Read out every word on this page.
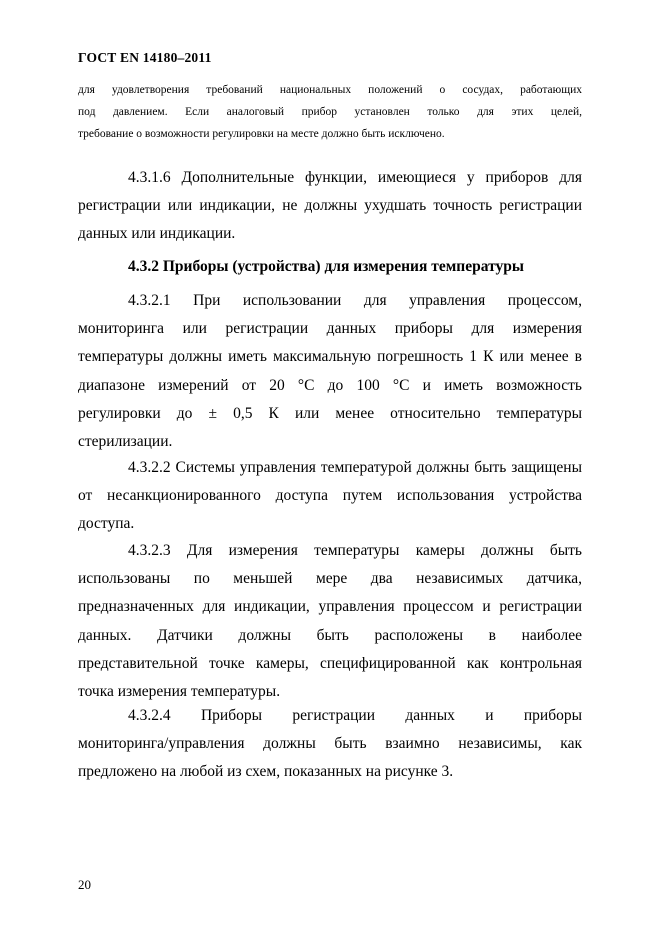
ГОСТ EN 14180–2011
для удовлетворения требований национальных положений о сосудах, работающих
под давлением. Если аналоговый прибор установлен только для этих целей,
требование о возможности регулировки на месте должно быть исключено.
4.3.1.6 Дополнительные функции, имеющиеся у приборов для
регистрации или индикации, не должны ухудшать точность регистрации
данных или индикации.
4.3.2 Приборы (устройства) для измерения температуры
4.3.2.1 При использовании для управления процессом,
мониторинга или регистрации данных приборы для измерения
температуры должны иметь максимальную погрешность 1 К или менее в
диапазоне измерений от 20 °С до 100 °С и иметь возможность
регулировки до ± 0,5 К или менее относительно температуры
стерилизации.
4.3.2.2 Системы управления температурой должны быть защищены
от несанкционированного доступа путем использования устройства
доступа.
4.3.2.3 Для измерения температуры камеры должны быть
использованы по меньшей мере два независимых датчика,
предназначенных для индикации, управления процессом и регистрации
данных. Датчики должны быть расположены в наиболее
представительной точке камеры, специфицированной как контрольная
точка измерения температуры.
4.3.2.4 Приборы регистрации данных и приборы
мониторинга/управления должны быть взаимно независимы, как
предложено на любой из схем, показанных на рисунке 3.
20
